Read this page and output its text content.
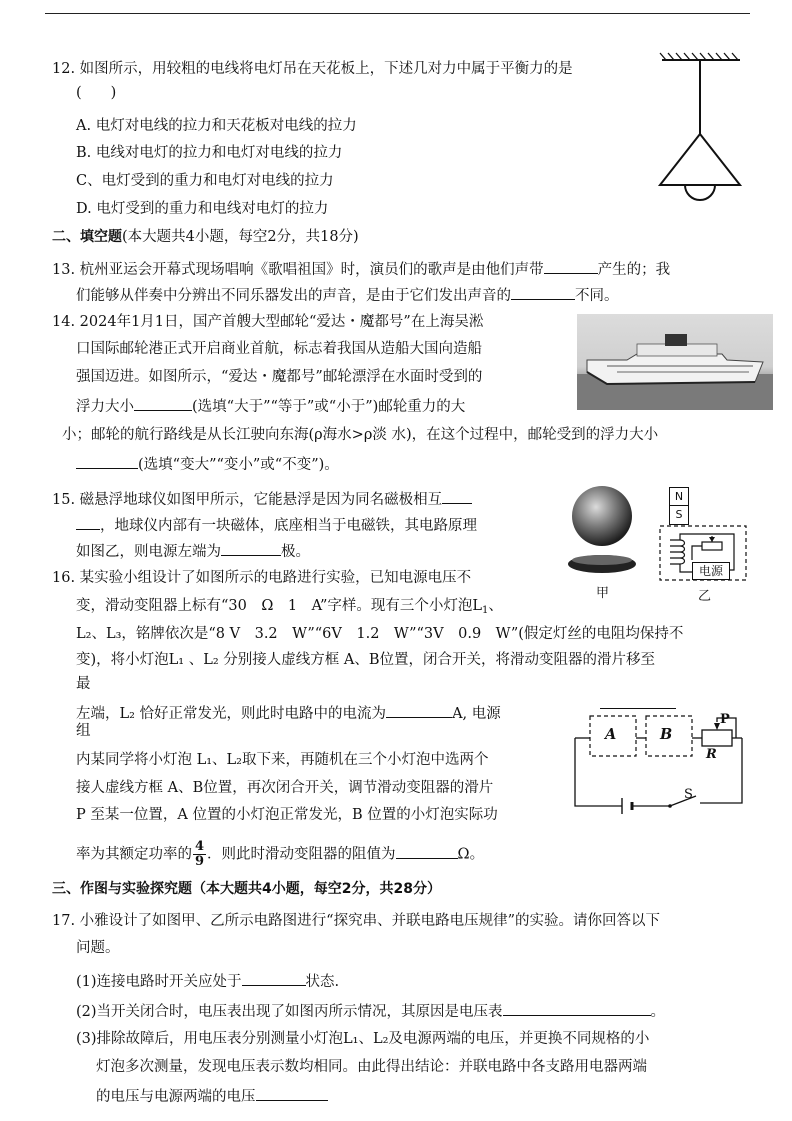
12. 如图所示，用较粗的电线将电灯吊在天花板上，下述几对力中属于平衡力的是
(　　)
A. 电灯对电线的拉力和天花板对电线的拉力
B. 电线对电灯的拉力和电灯对电线的拉力
C、电灯受到的重力和电灯对电线的拉力
D. 电灯受到的重力和电线对电灯的拉力
二、填空题(本大题共4小题，每空2分，共18分)
13. 杭州亚运会开幕式现场唱响《歌唱祖国》时，演员们的歌声是由他们声带	产生的；我
们能够从伴奏中分辨出不同乐器发出的声音，是由于它们发出声音的	不同。
14. 2024年1月1日，国产首艘大型邮轮“爱达・魔都号”在上海吴淞
口国际邮轮港正式开启商业首航，标志着我国从造船大国向造船
强国迈进。如图所示，“爱达・魔都号”邮轮漂浮在水面时受到的
浮力大小	(选填“大于”“等于”或“小于”)邮轮重力的大
小；邮轮的航行路线是从长江驶向东海(ρ海水>ρ淡 水)，在这个过程中，邮轮受到的浮力大小
(选填“变大”“变小”或“不变”)。
15. 磁悬浮地球仪如图甲所示，它能悬浮是因为同名磁极相互
，地球仪内部有一块磁体，底座相当于电磁铁，其电路原理
如图乙，则电源左端为	极。
甲
N
S
电源
乙
16. 某实验小组设计了如图所示的电路进行实验，已知电源电压不
变，滑动变阻器上标有“30　Ω　1　A”字样。现有三个小灯泡$L_1$、
L₂、L₃，铭牌依次是“8 V　3.2　W”“6V　1.2　W”“3V　0.9　W”(假定灯丝的电阻均保持不
变)，将小灯泡L₁ 、L₂ 分别接人虚线方框 A、B位置，闭合开关，将滑动变阻器的滑片移至
最
左端，L₂ 恰好正常发光，则此时电路中的电流为	A, 电源
组
内某同学将小灯泡 L₁、L₂取下来，再随机在三个小灯泡中选两个
接人虚线方框 A、B位置，再次闭合开关，调节滑动变阻器的滑片
P 至某一位置，A 位置的小灯泡正常发光，B 位置的小灯泡实际功
率为其额定功率的 $\frac{4}{9}$ ．则此时滑动变阻器的阻值为	Ω。
A	B
P
R
S
三、作图与实验探究题（本大题共4小题，每空2分，共28分）
17. 小雅设计了如图甲、乙所示电路图进行“探究串、并联电路电压规律”的实验。请你回答以下
问题。
(1)连接电路时开关应处于	状态.
(2)当开关闭合时，电压表出现了如图丙所示情况，其原因是电压表	。
(3)排除故障后，用电压表分别测量小灯泡L₁、L₂及电源两端的电压，并更换不同规格的小
灯泡多次测量，发现电压表示数均相同。由此得出结论：并联电路中各支路用电器两端
的电压与电源两端的电压
